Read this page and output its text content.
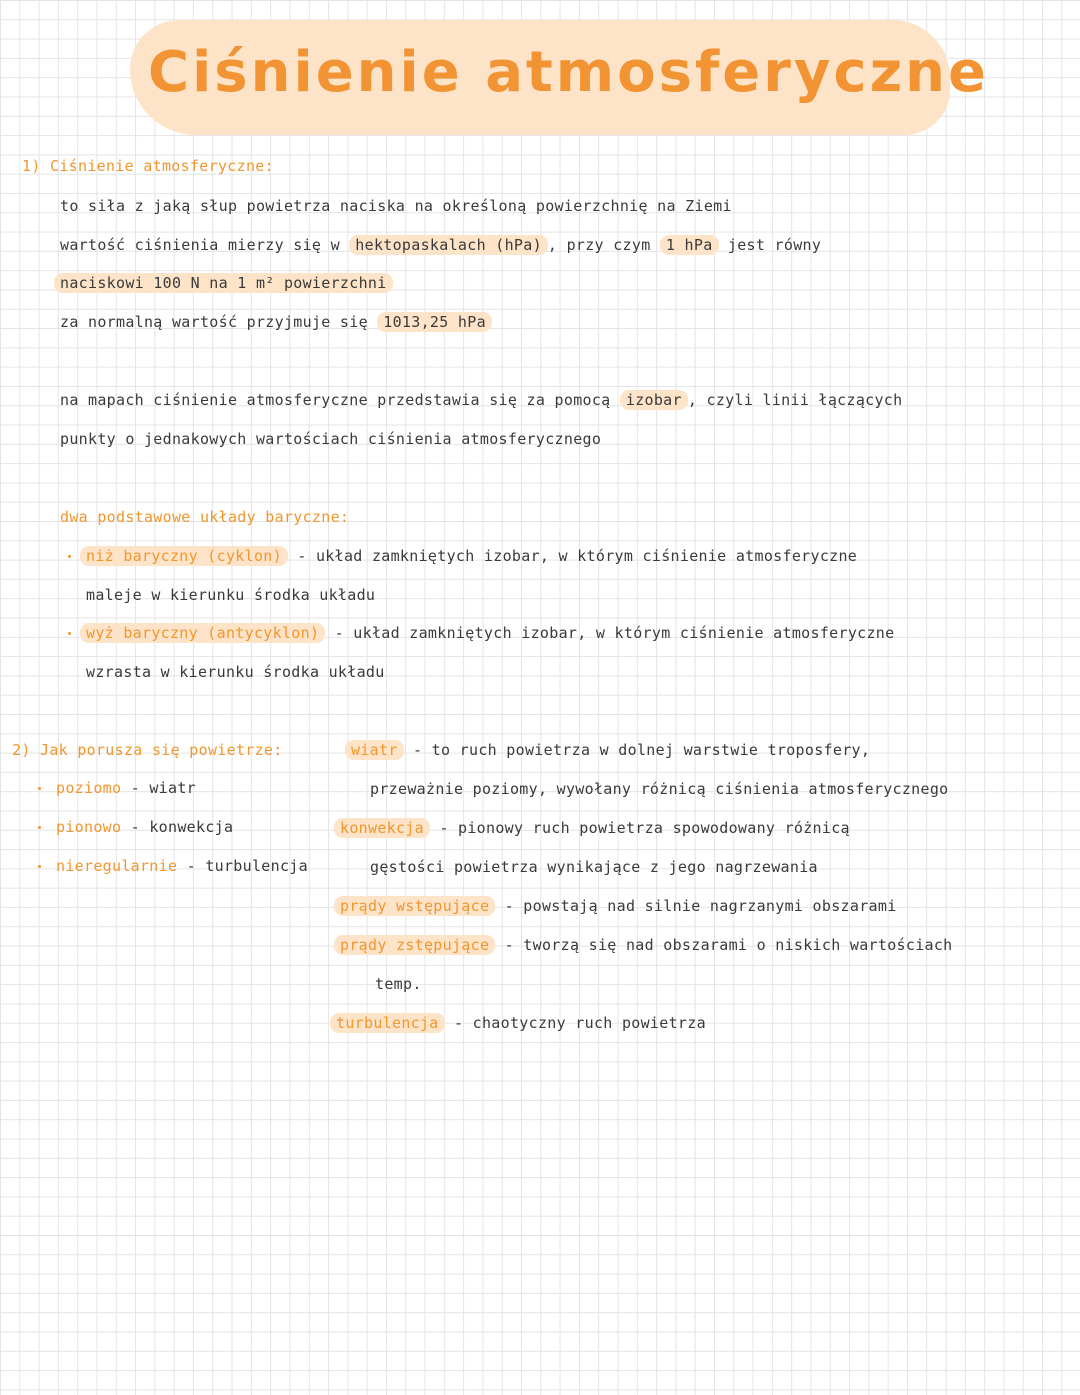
Ciśnienie atmosferyczne
1) Ciśnienie atmosferyczne:
to siła z jaką słup powietrza naciska na określoną powierzchnię na Ziemi
wartość ciśnienia mierzy się w hektopaskalach (hPa) , przy czym 1 hPa jest równy
naciskowi 100 N na 1 m² powierzchni
za normalną wartość przyjmuje się 1013,25 hPa
na mapach ciśnienie atmosferyczne przedstawia się za pomocą izobar , czyli linii łączących
punkty o jednakowych wartościach ciśnienia atmosferycznego
dwa podstawowe układy baryczne:
niż baryczny (cyklon) - układ zamkniętych izobar, w którym ciśnienie atmosferyczne
maleje w kierunku środka układu
wyż baryczny (antycyklon) - układ zamkniętych izobar, w którym ciśnienie atmosferyczne
wzrasta w kierunku środka układu
2) Jak porusza się powietrze:
poziomo - wiatr
pionowo - konwekcja
nieregularnie - turbulencja
wiatr - to ruch powietrza w dolnej warstwie troposfery,
przeważnie poziomy, wywołany różnicą ciśnienia atmosferycznego
konwekcja - pionowy ruch powietrza spowodowany różnicą
gęstości powietrza wynikające z jego nagrzewania
prądy wstępujące - powstają nad silnie nagrzanymi obszarami
prądy zstępujące - tworzą się nad obszarami o niskich wartościach
temp.
turbulencja - chaotyczny ruch powietrza
